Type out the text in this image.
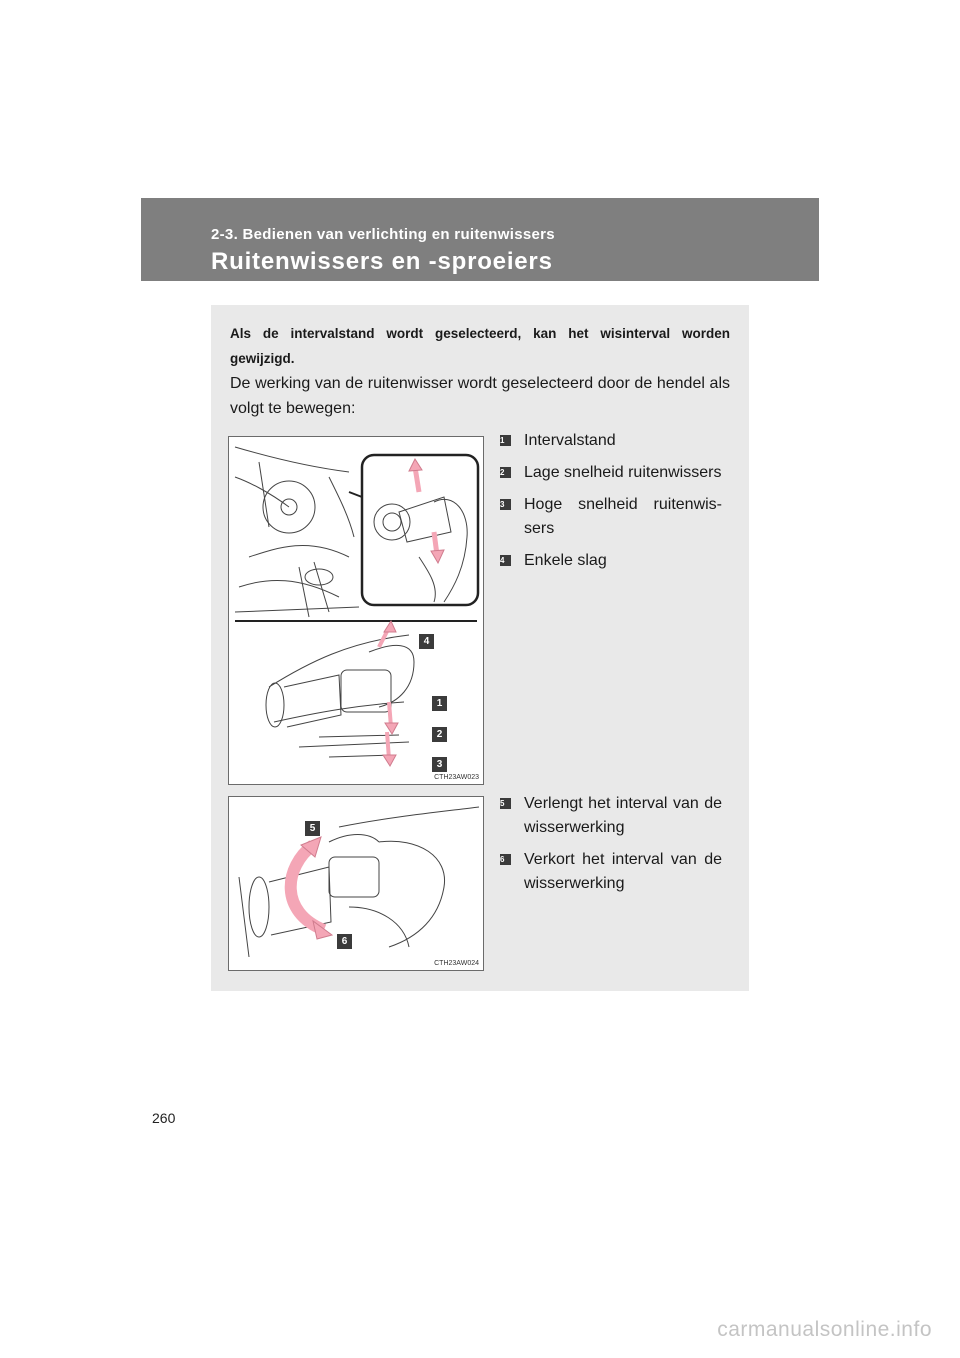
2-3. Bedienen van verlichting en ruitenwissers
Ruitenwissers en -sproeiers
Als de intervalstand wordt geselecteerd, kan het wisinterval worden gewijzigd.
De werking van de ruitenwisser wordt geselecteerd door de hendel als volgt te bewegen:
4
1
2
3
CTH23AW023
1	Intervalstand
2	Lage snelheid ruitenwissers
3	Hoge snelheid ruitenwis-sers
4	Enkele slag
5
6
CTH23AW024
5	Verlengt het interval van de wisserwerking
6	Verkort het interval van de wisserwerking
260
carmanualsonline.info
